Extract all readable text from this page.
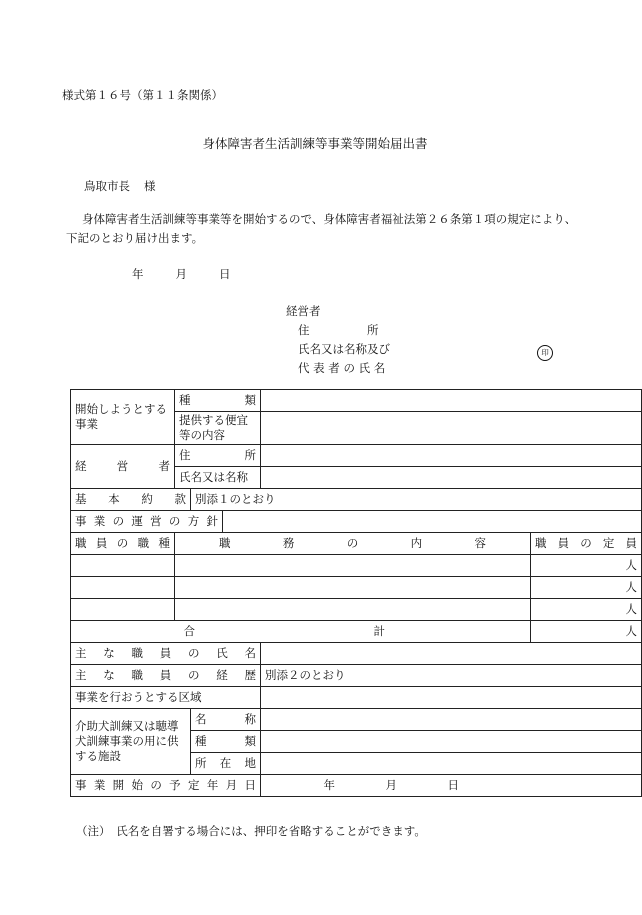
様式第１６号（第１１条関係）
身体障害者生活訓練等事業等開始届出書
鳥取市長 様
身体障害者生活訓練等事業等を開始するので、身体障害者福祉法第２６条第１項の規定により、下記のとおり届け出ます。
年	月	日
経営者
住　　　　　所
氏名又は名称及び
代 表 者 の 氏 名
印
開始しようとする事業	種類				
	提供する便宜等の内容				
経営者	住所				
	氏名又は名称				
基本約款		別添１のとおり			
事業の運営の方針					
職員の職種	職務の内容				職員の定員
					人
					人
					人
合 計					人
主な職員の氏名					
主な職員の経歴				別添２のとおり	
事業を行おうとする区域					
介助犬訓練又は聴導犬訓練事業の用に供する施設		名称			
		種類			
		所在地			
事業開始の予定年月日				年 月 日	
（注）　氏名を自署する場合には、押印を省略することができます。
